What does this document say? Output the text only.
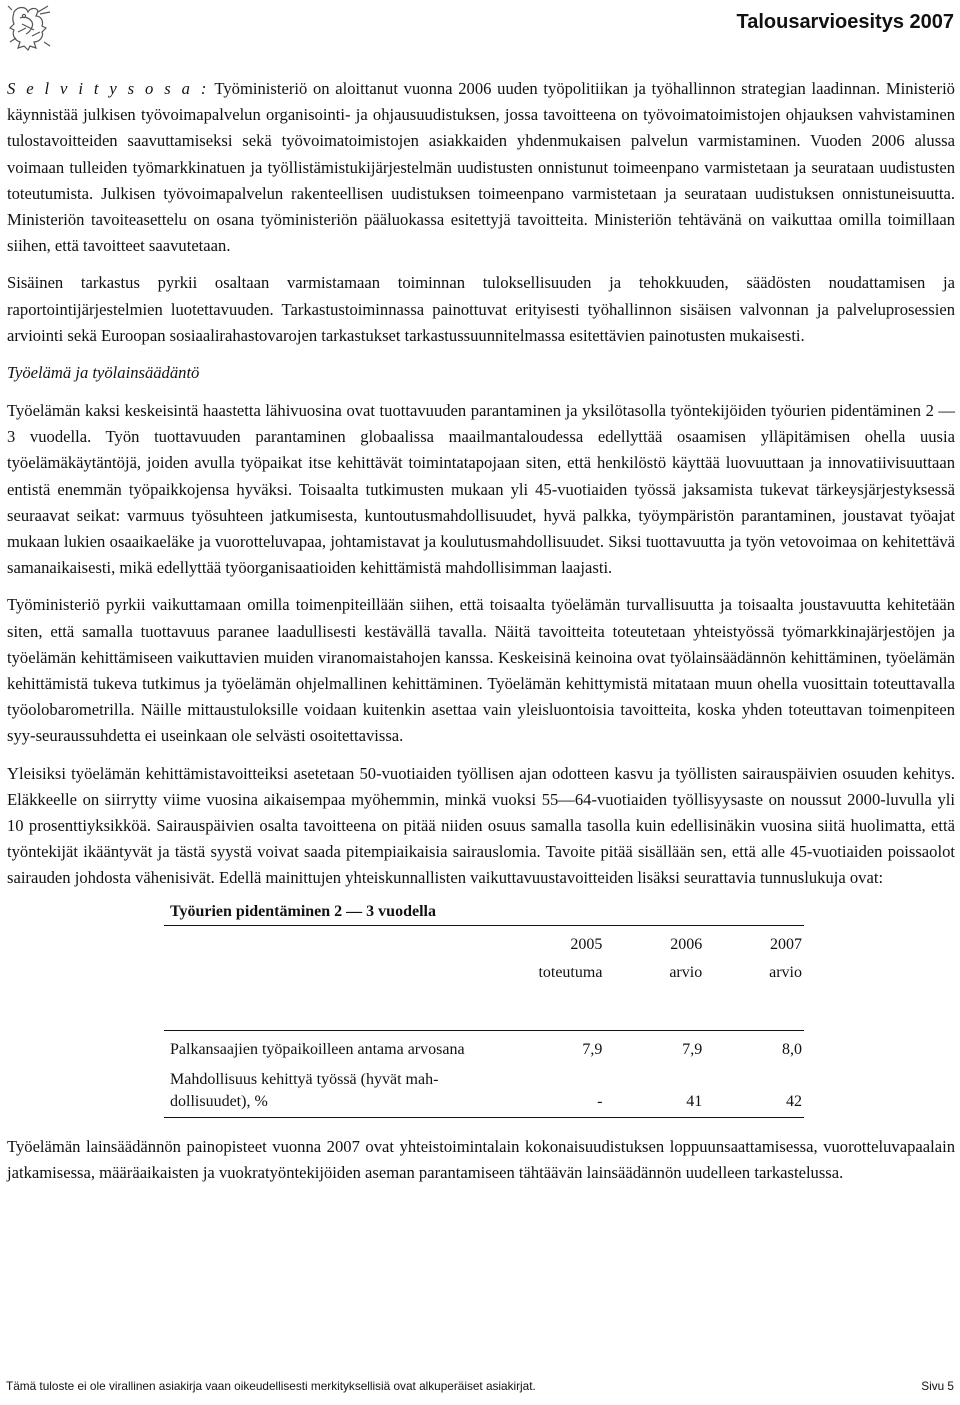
Talousarvioesitys 2007

S e l v i t y s o s a : Työministeriö on aloittanut vuonna 2006 uuden työpolitiikan ja työhallinnon strategian laadinnan. Ministeriö käynnistää julkisen työvoimapalvelun organisointi- ja ohjausuudistuksen, jossa tavoitteena on työvoimatoimistojen ohjauksen vahvistaminen tulostavoitteiden saavuttamiseksi sekä työvoimatoimistojen asiakkaiden yhdenmukaisen palvelun varmistaminen. Vuoden 2006 alussa voimaan tulleiden työmarkkinatuen ja työllistämistukijärjestelmän uudistusten onnistunut toimeenpano varmistetaan ja seurataan uudistusten toteutumista. Julkisen työvoimapalvelun rakenteellisen uudistuksen toimeenpano varmistetaan ja seurataan uudistuksen onnistuneisuutta. Ministeriön tavoiteasettelu on osana työministeriön pääluokassa esitettyjä tavoitteita. Ministeriön tehtävänä on vaikuttaa omilla toimillaan siihen, että tavoitteet saavutetaan.

Sisäinen tarkastus pyrkii osaltaan varmistamaan toiminnan tuloksellisuuden ja tehokkuuden, säädösten noudattamisen ja raportointijärjestelmien luotettavuuden. Tarkastustoiminnassa painottuvat erityisesti työhallinnon sisäisen valvonnan ja palveluprosessien arviointi sekä Euroopan sosiaalirahastovarojen tarkastukset tarkastussuunnitelmassa esitettävien painotusten mukaisesti.

Työelämä ja työlainsäädäntö

Työelämän kaksi keskeisintä haastetta lähivuosina ovat tuottavuuden parantaminen ja yksilötasolla työntekijöiden työurien pidentäminen 2 — 3 vuodella. Työn tuottavuuden parantaminen globaalissa maailmantaloudessa edellyttää osaamisen ylläpitämisen ohella uusia työelämäkäytäntöjä, joiden avulla työpaikat itse kehittävät toimintatapojaan siten, että henkilöstö käyttää luovuuttaan ja innovatiivisuuttaan entistä enemmän työpaikkojensa hyväksi. Toisaalta tutkimusten mukaan yli 45-vuotiaiden työssä jaksamista tukevat tärkeysjärjestyksessä seuraavat seikat: varmuus työsuhteen jatkumisesta, kuntoutusmahdollisuudet, hyvä palkka, työympäristön parantaminen, joustavat työajat mukaan lukien osaaikaeläke ja vuorotteluvapaa, johtamistavat ja koulutusmahdollisuudet. Siksi tuottavuutta ja työn vetovoimaa on kehitettävä samanaikaisesti, mikä edellyttää työorganisaatioiden kehittämistä mahdollisimman laajasti.

Työministeriö pyrkii vaikuttamaan omilla toimenpiteillään siihen, että toisaalta työelämän turvallisuutta ja toisaalta joustavuutta kehitetään siten, että samalla tuottavuus paranee laadullisesti kestävällä tavalla. Näitä tavoitteita toteutetaan yhteistyössä työmarkkinajärjestöjen ja työelämän kehittämiseen vaikuttavien muiden viranomaistahojen kanssa. Keskeisinä keinoina ovat työlainsäädännön kehittäminen, työelämän kehittämistä tukeva tutkimus ja työelämän ohjelmallinen kehittäminen. Työelämän kehittymistä mitataan muun ohella vuosittain toteuttavalla työolobarometrilla. Näille mittaustuloksille voidaan kuitenkin asettaa vain yleisluontoisia tavoitteita, koska yhden toteuttavan toimenpiteen syy-seuraussuhdetta ei useinkaan ole selvästi osoitettavissa.

Yleisiksi työelämän kehittämistavoitteiksi asetetaan 50-vuotiaiden työllisen ajan odotteen kasvu ja työllisten sairauspäivien osuuden kehitys. Eläkkeelle on siirrytty viime vuosina aikaisempaa myöhemmin, minkä vuoksi 55—64-vuotiaiden työllisyysaste on noussut 2000-luvulla yli 10 prosenttiyksikköä. Sairauspäivien osalta tavoitteena on pitää niiden osuus samalla tasolla kuin edellisinäkin vuosina siitä huolimatta, että työntekijät ikääntyvät ja tästä syystä voivat saada pitempiaikaisia sairauslomia. Tavoite pitää sisällään sen, että alle 45-vuotiaiden poissaolot sairauden johdosta vähenisivät. Edellä mainittujen yhteiskunnallisten vaikuttavuustavoitteiden lisäksi seurattavia tunnuslukuja ovat:

Työurien pidentäminen 2 — 3 vuodella
	2005	2006	2007
	toteutuma	arvio	arvio

Palkansaajien työpaikoilleen antama arvosana	7,9	7,9	8,0
Mahdollisuus kehittyä työssä (hyvät mahdollisuudet), %	-	41	42

Työelämän lainsäädännön painopisteet vuonna 2007 ovat yhteistoimintalain kokonaisuudistuksen loppuunsaattamisessa, vuorotteluvapaalain jatkamisessa, määräaikaisten ja vuokratyöntekijöiden aseman parantamiseen tähtäävän lainsäädännön uudelleen tarkastelussa.

Tämä tuloste ei ole virallinen asiakirja vaan oikeudellisesti merkityksellisiä ovat alkuperäiset asiakirjat.	Sivu 5
